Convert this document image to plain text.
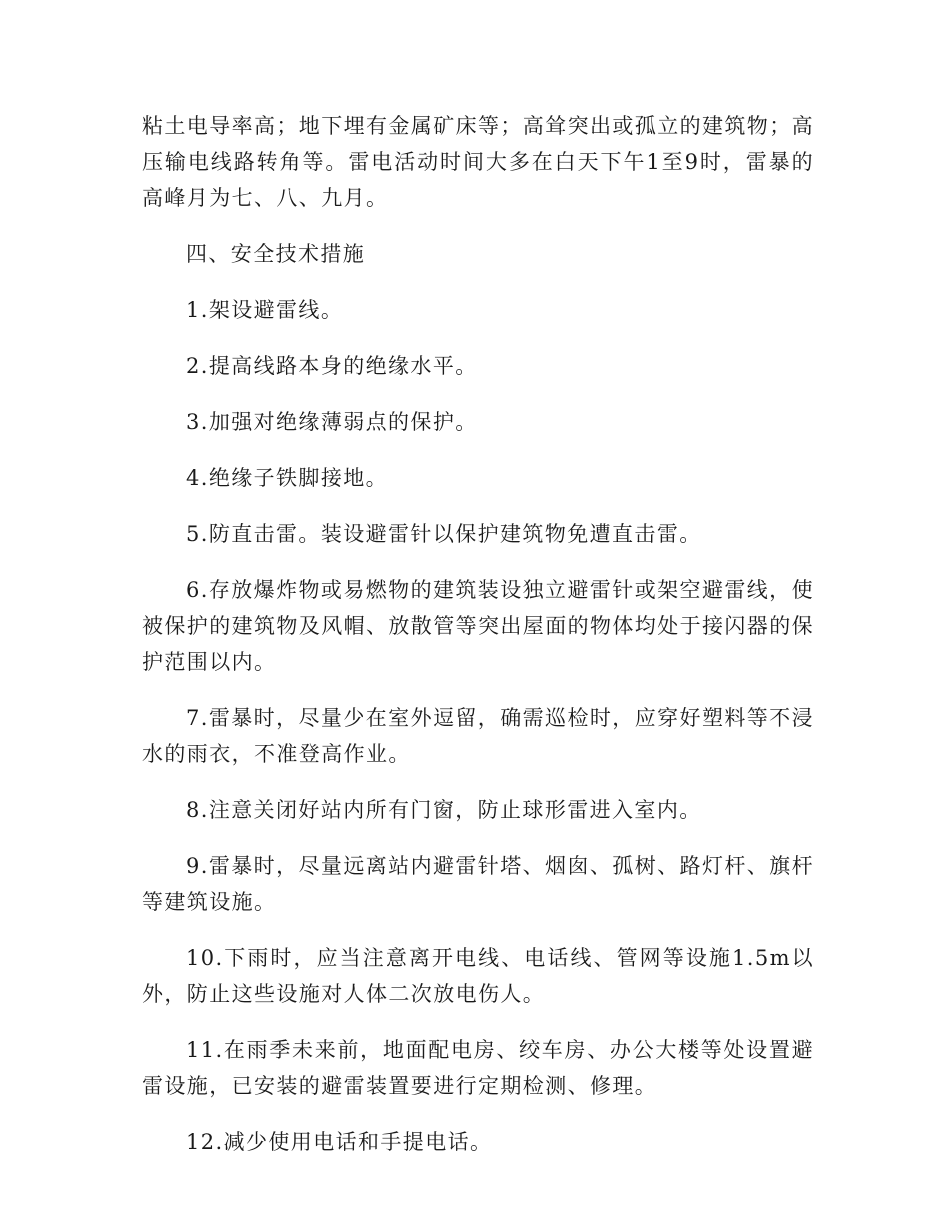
粘土电导率高；地下埋有金属矿床等；高耸突出或孤立的建筑物；高压输电线路转角等。雷电活动时间大多在白天下午1至9时，雷暴的高峰月为七、八、九月。

四、安全技术措施

1.架设避雷线。

2.提高线路本身的绝缘水平。

3.加强对绝缘薄弱点的保护。

4.绝缘子铁脚接地。

5.防直击雷。装设避雷针以保护建筑物免遭直击雷。

6.存放爆炸物或易燃物的建筑装设独立避雷针或架空避雷线，使被保护的建筑物及风帽、放散管等突出屋面的物体均处于接闪器的保护范围以内。

7.雷暴时，尽量少在室外逗留，确需巡检时，应穿好塑料等不浸水的雨衣，不准登高作业。

8.注意关闭好站内所有门窗，防止球形雷进入室内。

9.雷暴时，尽量远离站内避雷针塔、烟囱、孤树、路灯杆、旗杆等建筑设施。

10.下雨时，应当注意离开电线、电话线、管网等设施1.5m以外，防止这些设施对人体二次放电伤人。

11.在雨季未来前，地面配电房、绞车房、办公大楼等处设置避雷设施，已安装的避雷装置要进行定期检测、修理。

12.减少使用电话和手提电话。
